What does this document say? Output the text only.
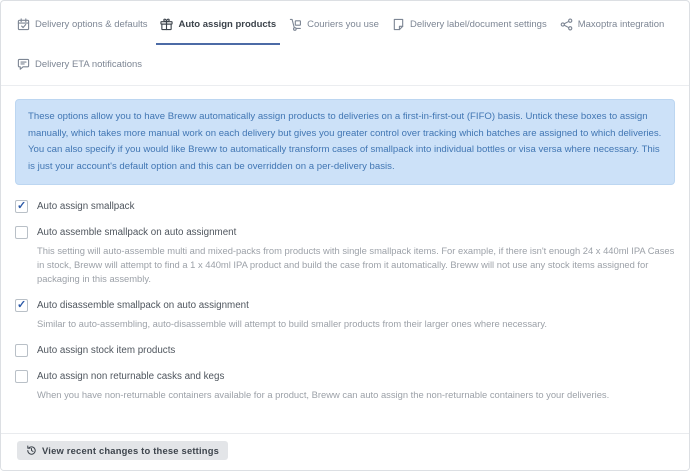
Delivery options & defaults	Auto assign products	Couriers you use	Delivery label/document settings	Maxoptra integration
Delivery ETA notifications
These options allow you to have Breww automatically assign products to deliveries on a first-in-first-out (FIFO) basis. Untick these boxes to assign manually, which takes more manual work on each delivery but gives you greater control over tracking which batches are assigned to which deliveries. You can also specify if you would like Breww to automatically transform cases of smallpack into individual bottles or visa versa where necessary. This is just your account's default option and this can be overridden on a per-delivery basis.
✓
Auto assign smallpack
Auto assemble smallpack on auto assignment

This setting will auto-assemble multi and mixed-packs from products with single smallpack items. For example, if there isn't enough 24 x 440ml IPA Cases in stock, Breww will attempt to find a 1 x 440ml IPA product and build the case from it automatically. Breww will not use any stock items assigned for packaging in this assembly.

✓
Auto disassemble smallpack on auto assignment

Similar to auto-assembling, auto-disassemble will attempt to build smaller products from their larger ones where necessary.

Auto assign stock item products
Auto assign non returnable casks and kegs

When you have non-returnable containers available for a product, Breww can auto assign the non-returnable containers to your deliveries.

View recent changes to these settings
